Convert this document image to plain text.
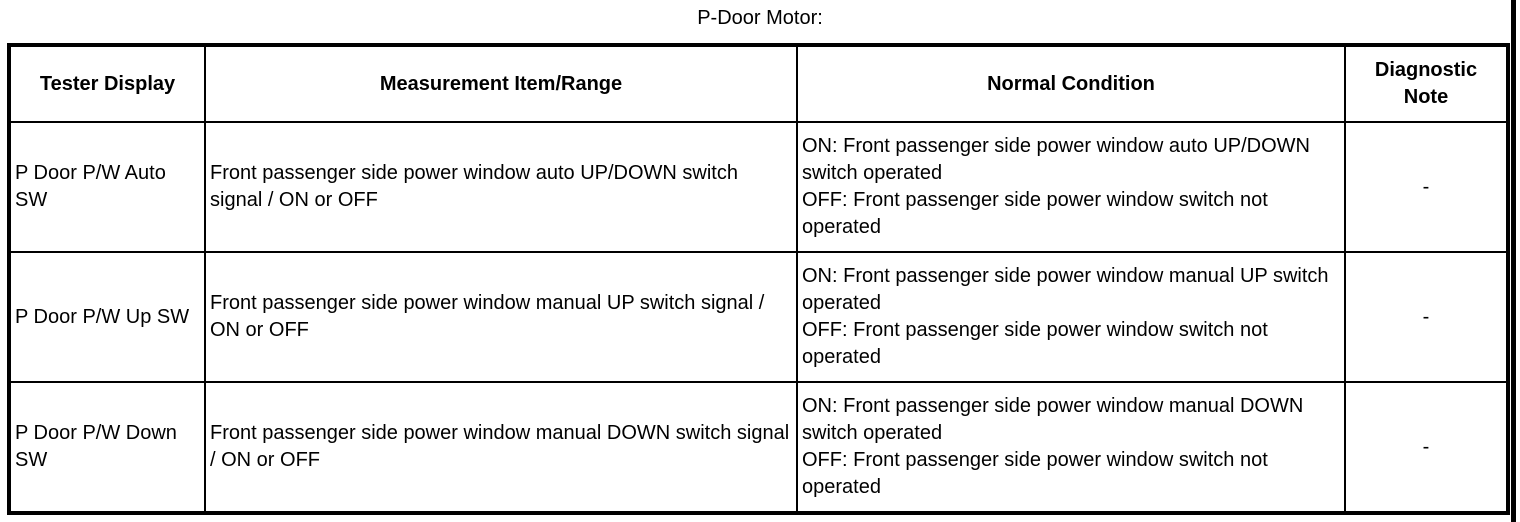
P-Door Motor:
Tester Display	Measurement Item/Range	Normal Condition	Diagnostic Note
P Door P/W Auto SW	Front passenger side power window auto UP/DOWN switch signal / ON or OFF	ON: Front passenger side power window auto UP/DOWN switch operated
OFF: Front passenger side power window switch not operated	-
P Door P/W Up SW	Front passenger side power window manual UP switch signal / ON or OFF	ON: Front passenger side power window manual UP switch operated
OFF: Front passenger side power window switch not operated	-
P Door P/W Down SW	Front passenger side power window manual DOWN switch signal / ON or OFF	ON: Front passenger side power window manual DOWN switch operated
OFF: Front passenger side power window switch not operated	-
